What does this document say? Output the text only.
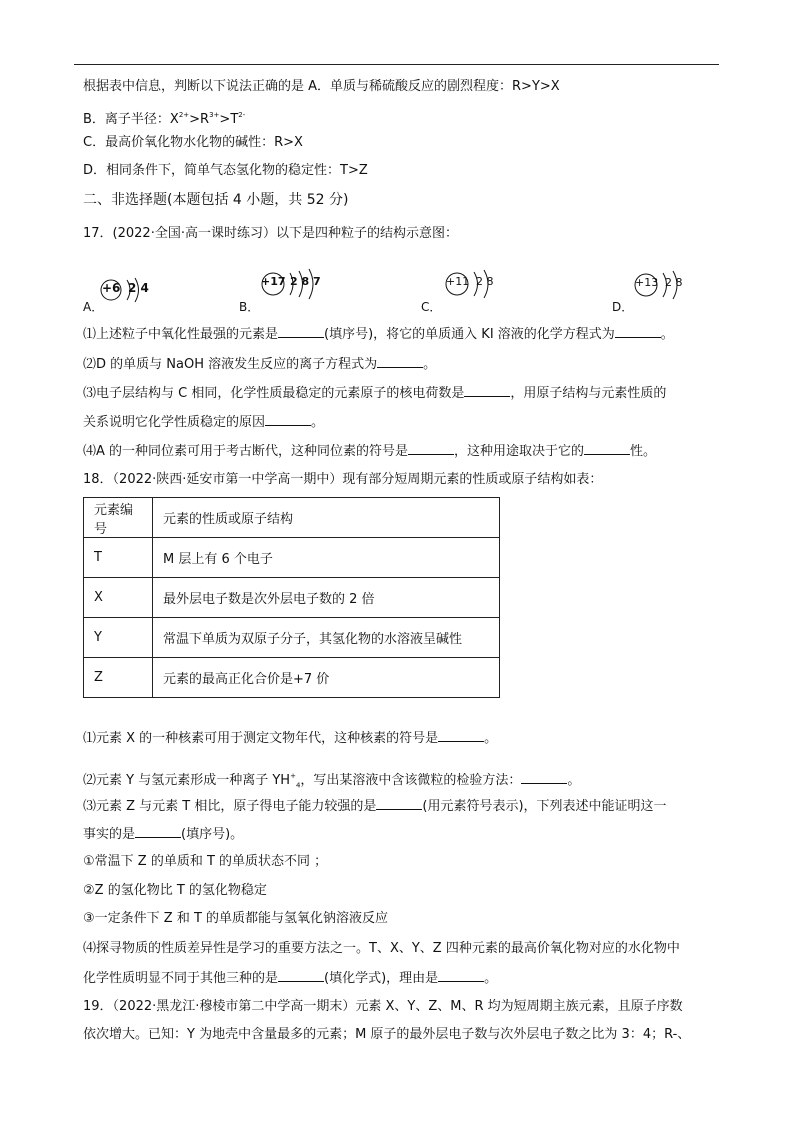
根据表中信息，判断以下说法正确的是 A．单质与稀硫酸反应的剧烈程度：R>Y>X
B．离子半径：$X^{2+}>R^{3+}>T^{2-}$
C．最高价氧化物水化物的碱性：R>X
D．相同条件下，简单气态氢化物的稳定性：T>Z
二、非选择题(本题包括 4 小题，共 52 分)
17．(2022·全国·高一课时练习）以下是四种粒子的结构示意图：
A．
+6 2 4
B．
+17 2 8 7
C．
+11 2 8
D．
+13 2 8
⑴上述粒子中氧化性最强的元素是	(填序号)，将它的单质通入 KI 溶液的化学方程式为	。
⑵D 的单质与 NaOH 溶液发生反应的离子方程式为	。
⑶电子层结构与 C 相同，化学性质最稳定的元素原子的核电荷数是	，用原子结构与元素性质的
关系说明它化学性质稳定的原因	。
⑷A 的一种同位素可用于考古断代，这种同位素的符号是	，这种用途取决于它的	性。
18．（2022·陕西·延安市第一中学高一期中）现有部分短周期元素的性质或原子结构如表：
元素编号	元素的性质或原子结构
T	M 层上有 6 个电子
X	最外层电子数是次外层电子数的 2 倍
Y	常温下单质为双原子分子，其氢化物的水溶液呈碱性
Z	元素的最高正化合价是+7 价
⑴元素 X 的一种核素可用于测定文物年代，这种核素的符号是	。
⑵元素 Y 与氢元素形成一种离子 $YH^+_4$，写出某溶液中含该微粒的检验方法：	。
⑶元素 Z 与元素 T 相比，原子得电子能力较强的是	(用元素符号表示)，下列表述中能证明这一
事实的是	(填序号)。
①常温下 Z 的单质和 T 的单质状态不同 ；
②Z 的氢化物比 T 的氢化物稳定
③一定条件下 Z 和 T 的单质都能与氢氧化钠溶液反应
⑷探寻物质的性质差异性是学习的重要方法之一。T、X、Y、Z 四种元素的最高价氧化物对应的水化物中
化学性质明显不同于其他三种的是	(填化学式)，理由是	。
19．（2022·黑龙江·穆棱市第二中学高一期末）元素 X、Y、Z、M、R 均为短周期主族元素，且原子序数
依次增大。已知：Y 为地壳中含量最多的元素；M 原子的最外层电子数与次外层电子数之比为 3：4；R-、
